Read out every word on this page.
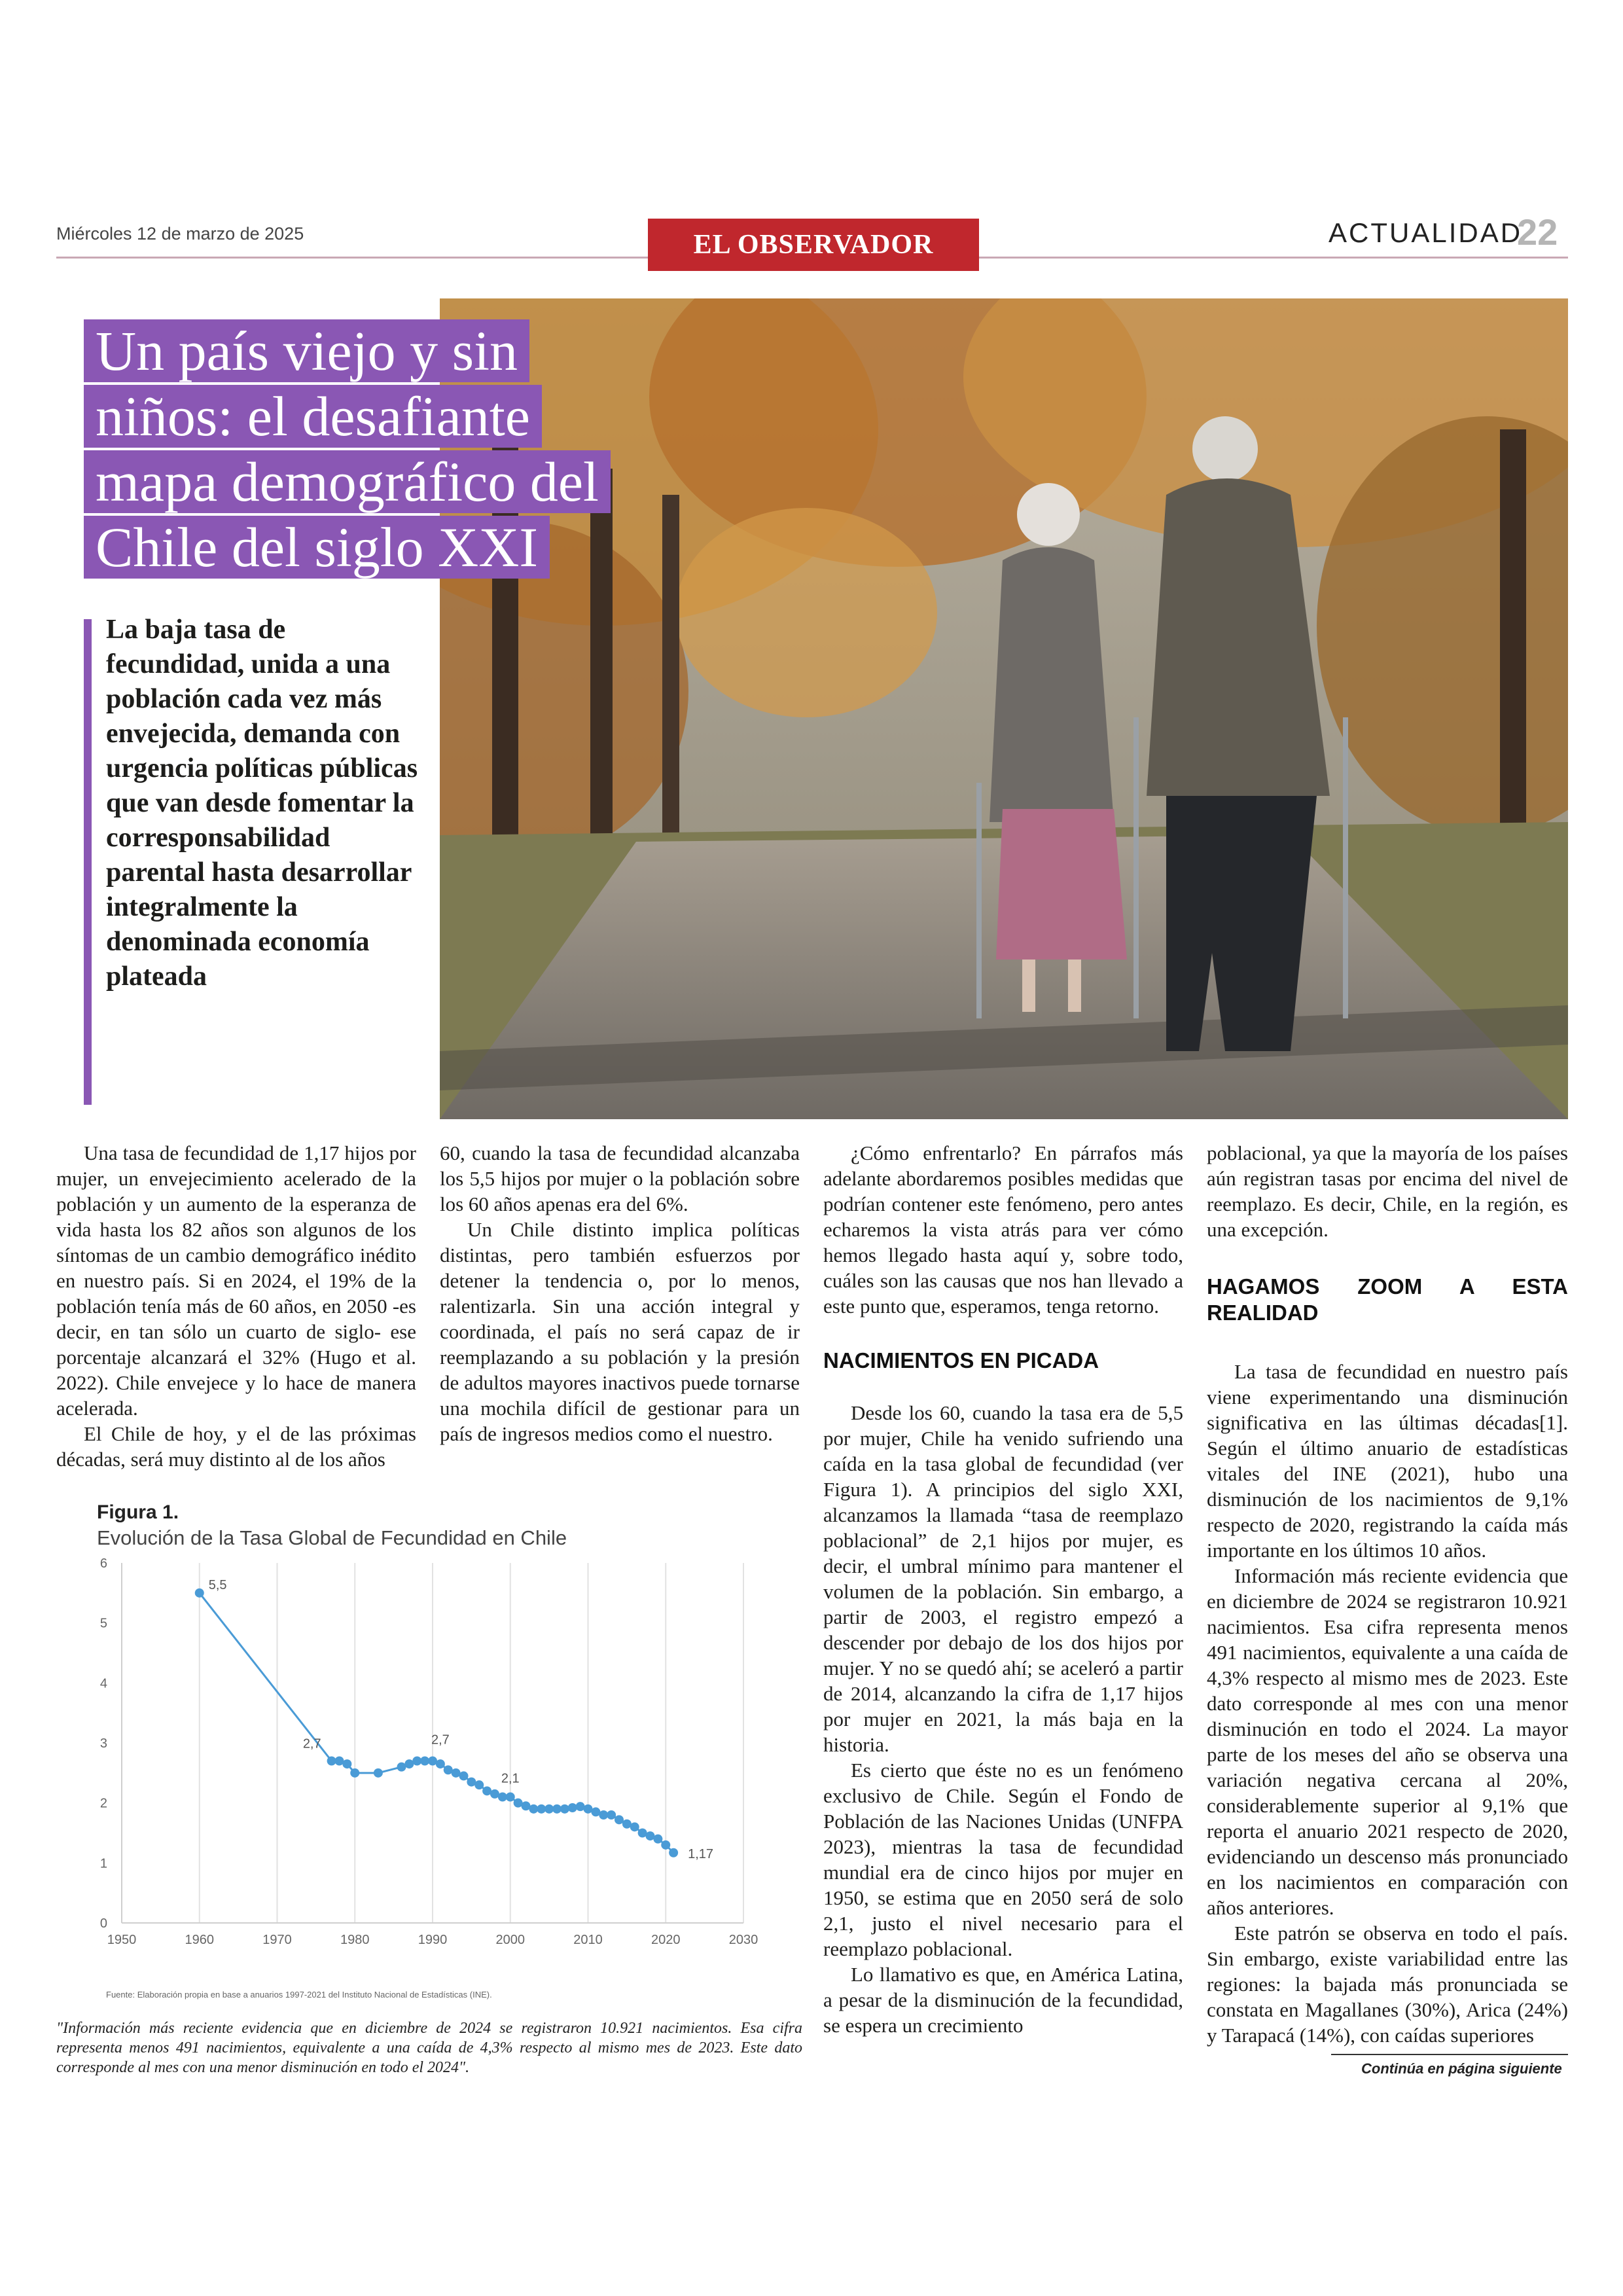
Miércoles 12 de marzo de 2025	EL OBSERVADOR	ACTUALIDAD
22
Un país viejo y sin
niños: el desafiante
mapa demográfico del
Chile del siglo XXI
La baja tasa de fecundidad, unida a una población cada vez más envejecida, demanda con urgencia políticas públicas que van desde fomentar la corresponsabilidad parental hasta desarrollar integralmente la denominada economía plateada

Una tasa de fecundidad de 1,17 hijos por mujer, un envejecimiento acelerado de la población y un aumento de la esperanza de vida hasta los 82 años son algunos de los síntomas de un cambio demográfico inédito en nuestro país. Si en 2024, el 19% de la población tenía más de 60 años, en 2050 -es decir, en tan sólo un cuarto de siglo- ese porcentaje alcanzará el 32% (Hugo et al. 2022). Chile envejece y lo hace de manera acelerada.

El Chile de hoy, y el de las próximas décadas, será muy distinto al de los años

60, cuando la tasa de fecundidad alcanzaba los 5,5 hijos por mujer o la población sobre los 60 años apenas era del 6%.

Un Chile distinto implica políticas distintas, pero también esfuerzos por detener la tendencia o, por lo menos, ralentizarla. Sin una acción integral y coordinada, el país no será capaz de ir reemplazando a su población y la presión de adultos mayores inactivos puede tornarse una mochila difícil de gestionar para un país de ingresos medios como el nuestro.

¿Cómo enfrentarlo? En párrafos más adelante abordaremos posibles medidas que podrían contener este fenómeno, pero antes echaremos la vista atrás para ver cómo hemos llegado hasta aquí y, sobre todo, cuáles son las causas que nos han llevado a este punto que, esperamos, tenga retorno.

NACIMIENTOS EN PICADA

Desde los 60, cuando la tasa era de 5,5 por mujer, Chile ha venido sufriendo una caída en la tasa global de fecundidad (ver Figura 1). A principios del siglo XXI, alcanzamos la llamada “tasa de reemplazo poblacional” de 2,1 hijos por mujer, es decir, el umbral mínimo para mantener el volumen de la población. Sin embargo, a partir de 2003, el registro empezó a descender por debajo de los dos hijos por mujer. Y no se quedó ahí; se aceleró a partir de 2014, alcanzando la cifra de 1,17 hijos por mujer en 2021, la más baja en la historia.

Es cierto que éste no es un fenómeno exclusivo de Chile. Según el Fondo de Población de las Naciones Unidas (UNFPA 2023), mientras la tasa de fecundidad mundial era de cinco hijos por mujer en 1950, se estima que en 2050 será de solo 2,1, justo el nivel necesario para el reemplazo poblacional.

Lo llamativo es que, en América Latina, a pesar de la disminución de la fecundidad, se espera un crecimiento

poblacional, ya que la mayoría de los países aún registran tasas por encima del nivel de reemplazo. Es decir, Chile, en la región, es una excepción.

HAGAMOS ZOOM A ESTA REALIDAD

La tasa de fecundidad en nuestro país viene experimentando una disminución significativa en las últimas décadas[1]. Según el último anuario de estadísticas vitales del INE (2021), hubo una disminución de los nacimientos de 9,1% respecto de 2020, registrando la caída más importante en los últimos 10 años.

Información más reciente evidencia que en diciembre de 2024 se registraron 10.921 nacimientos. Esa cifra representa menos 491 nacimientos, equivalente a una caída de 4,3% respecto al mismo mes de 2023. Este dato corresponde al mes con una menor disminución en todo el 2024. La mayor parte de los meses del año se observa una variación negativa cercana al 20%, considerablemente superior al 9,1% que reporta el anuario 2021 respecto de 2020, evidenciando un descenso más pronunciado en los nacimientos en comparación con años anteriores.

Este patrón se observa en todo el país. Sin embargo, existe variabilidad entre las regiones: la bajada más pronunciada se constata en Magallanes (30%), Arica (24%) y Tarapacá (14%), con caídas superiores

Figura 1.
Evolución de la Tasa Global de Fecundidad en Chile
1950	1960	1970	1980	1990	2000	2010	2020	2030
0
1
2
3
4
5
6
5,5
2,7	2,7
2,1
1,17
Fuente: Elaboración propia en base a anuarios 1997-2021 del Instituto Nacional de Estadísticas (INE).
"Información más reciente evidencia que en diciembre de 2024 se registraron 10.921 nacimientos. Esa cifra representa menos 491 nacimientos, equivalente a una caída de 4,3% respecto al mismo mes de 2023. Este dato corresponde al mes con una menor disminución en todo el 2024".	Continúa en página siguiente
